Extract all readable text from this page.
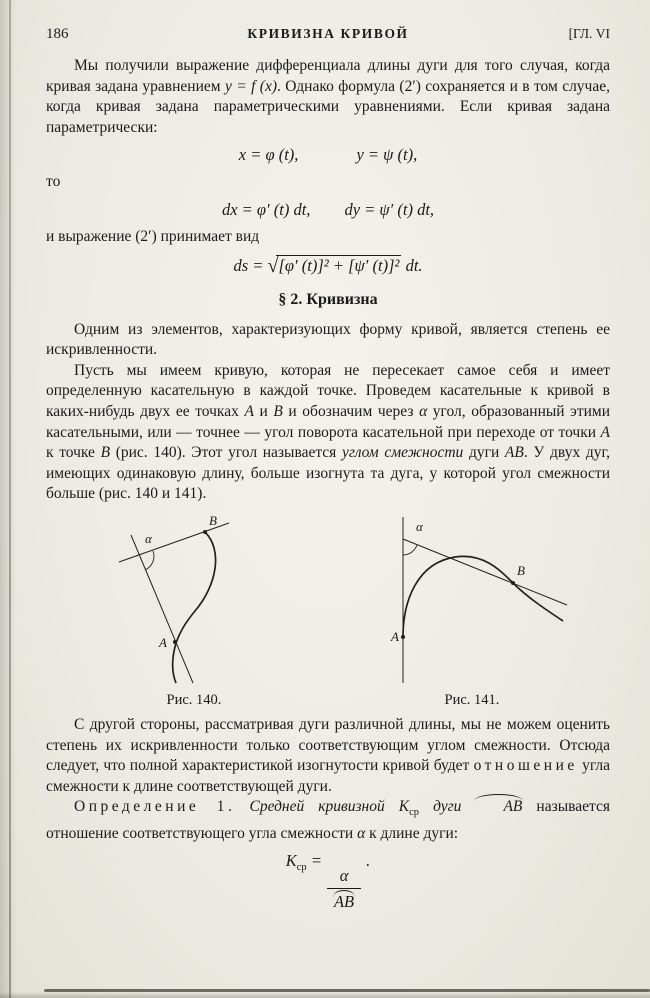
186	КРИВИЗНА КРИВОЙ	[ГЛ. VI

Мы получили выражение дифференциала длины дуги для того случая, когда кривая задана уравнением y = f (x). Однако формула (2′) сохраняется и в том случае, когда кривая задана параметрическими уравнениями. Если кривая задана параметрически:

x = φ (t),	y = ψ (t),

то

dx = φ′ (t) dt, dy = ψ′ (t) dt,

и выражение (2′) принимает вид

ds = √[φ′ (t)]² + [ψ′ (t)]² dt.
§ 2. Кривизна

Одним из элементов, характеризующих форму кривой, является степень ее искривленности.

Пусть мы имеем кривую, которая не пересекает самое себя и имеет определенную касательную в каждой точке. Проведем касательные к кривой в каких-нибудь двух ее точках A и B и обозначим через α угол, образованный этими касательными, или — точнее — угол поворота касательной при переходе от точки A к точке B (рис. 140). Этот угол называется углом смежности дуги AB. У двух дуг, имеющих одинаковую длину, больше изогнута та дуга, у которой угол смежности больше (рис. 140 и 141).

B
A
α
Рис. 140.
A
B
α
Рис. 141.

С другой стороны, рассматривая дуги различной длины, мы не можем оценить степень их искривленности только соответствующим углом смежности. Отсюда следует, что полной характеристикой изогнутости кривой будет отношение угла смежности к длине соответствующей дуги.

Определение 1. Средней кривизной $K_{ср}$ дуги AB называется отношение соответствующего угла смежности α к длине дуги:

$K_{ср}$ =
$\frac{\alpha}{AB}$
.
